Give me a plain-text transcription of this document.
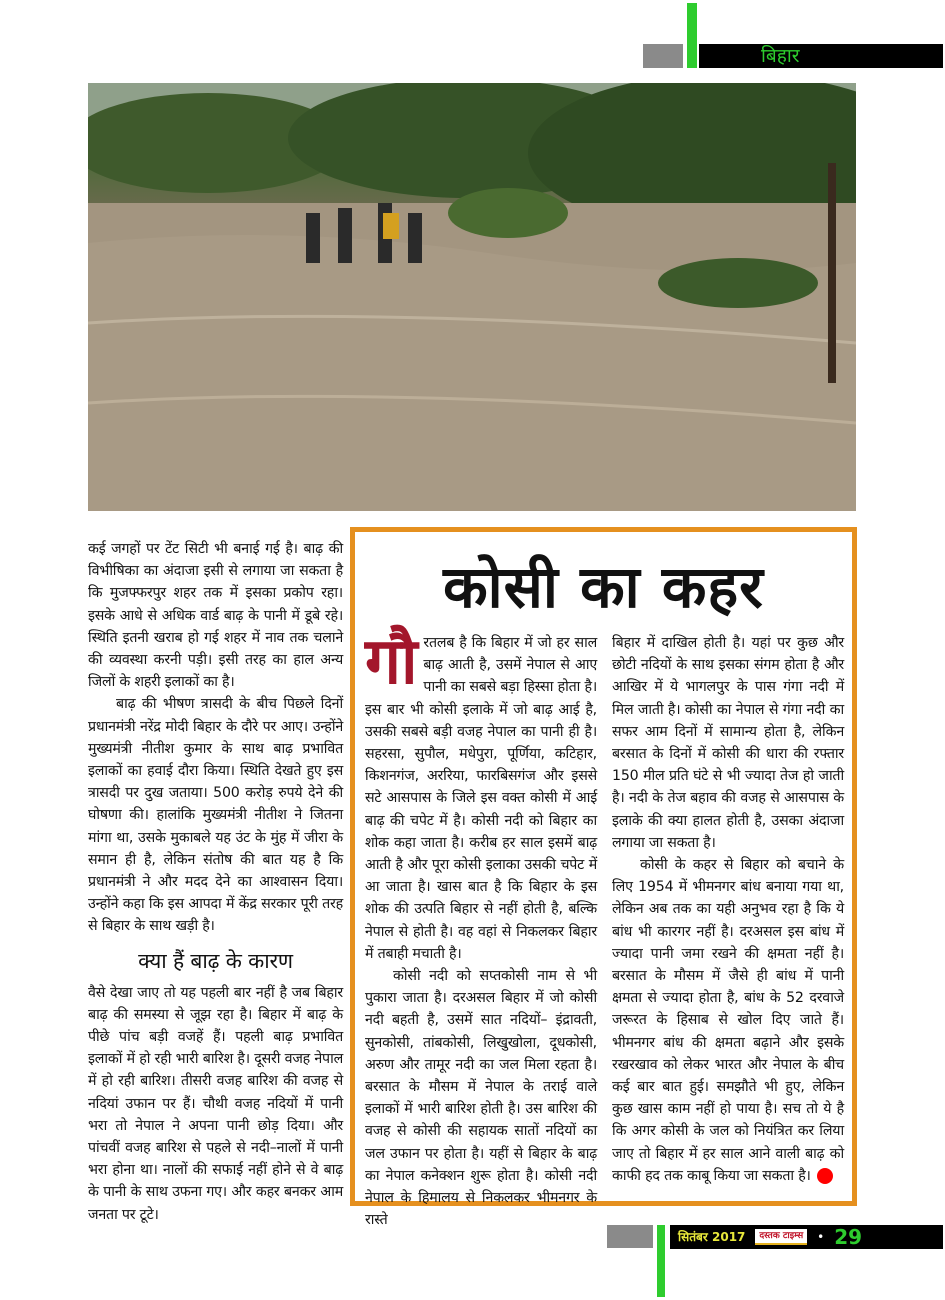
बिहार

कई जगहों पर टेंट सिटी भी बनाई गई है। बाढ़ की विभीषिका का अंदाजा इसी से लगाया जा सकता है कि मुजफ्फरपुर शहर तक में इसका प्रकोप रहा। इसके आधे से अधिक वार्ड बाढ़ के पानी में डूबे रहे। स्थिति इतनी खराब हो गई शहर में नाव तक चलाने की व्यवस्था करनी पड़ी। इसी तरह का हाल अन्य जिलों के शहरी इलाकों का है।

बाढ़ की भीषण त्रासदी के बीच पिछले दिनों प्रधानमंत्री नरेंद्र मोदी बिहार के दौरे पर आए। उन्होंने मुख्यमंत्री नीतीश कुमार के साथ बाढ़ प्रभावित इलाकों का हवाई दौरा किया। स्थिति देखते हुए इस त्रासदी पर दुख जताया। 500 करोड़ रुपये देने की घोषणा की। हालांकि मुख्यमंत्री नीतीश ने जितना मांगा था, उसके मुकाबले यह उंट के मुंह में जीरा के समान ही है, लेकिन संतोष की बात यह है कि प्रधानमंत्री ने और मदद देने का आश्वासन दिया। उन्होंने कहा कि इस आपदा में केंद्र सरकार पूरी तरह से बिहार के साथ खड़ी है।

क्या हैं बाढ़ के कारण

वैसे देखा जाए तो यह पहली बार नहीं है जब बिहार बाढ़ की समस्या से जूझ रहा है। बिहार में बाढ़ के पीछे पांच बड़ी वजहें हैं। पहली बाढ़ प्रभावित इलाकों में हो रही भारी बारिश है। दूसरी वजह नेपाल में हो रही बारिश। तीसरी वजह बारिश की वजह से नदियां उफान पर हैं। चौथी वजह नदियों में पानी भरा तो नेपाल ने अपना पानी छोड़ दिया। और पांचवीं वजह बारिश से पहले से नदी–नालों में पानी भरा होना था। नालों की सफाई नहीं होने से वे बाढ़ के पानी के साथ उफना गए। और कहर बनकर आम जनता पर टूटे।

कोसी का कहर

गौरतलब है कि बिहार में जो हर साल बाढ़ आती है, उसमें नेपाल से आए पानी का सबसे बड़ा हिस्सा होता है। इस बार भी कोसी इलाके में जो बाढ़ आई है, उसकी सबसे बड़ी वजह नेपाल का पानी ही है। सहरसा, सुपौल, मधेपुरा, पूर्णिया, कटिहार, किशनगंज, अररिया, फारबिसगंज और इससे सटे आसपास के जिले इस वक्त कोसी में आई बाढ़ की चपेट में है। कोसी नदी को बिहार का शोक कहा जाता है। करीब हर साल इसमें बाढ़ आती है और पूरा कोसी इलाका उसकी चपेट में आ जाता है। खास बात है कि बिहार के इस शोक की उत्पति बिहार से नहीं होती है, बल्कि नेपाल से होती है। वह वहां से निकलकर बिहार में तबाही मचाती है।

कोसी नदी को सप्तकोसी नाम से भी पुकारा जाता है। दरअसल बिहार में जो कोसी नदी बहती है, उसमें सात नदियों– इंद्रावती, सुनकोसी, तांबकोसी, लिखुखोला, दूधकोसी, अरुण और तामूर नदी का जल मिला रहता है। बरसात के मौसम में नेपाल के तराई वाले इलाकों में भारी बारिश होती है। उस बारिश की वजह से कोसी की सहायक सातों नदियों का जल उफान पर होता है। यहीं से बिहार के बाढ़ का नेपाल कनेक्शन शुरू होता है। कोसी नदी नेपाल के हिमालय से निकलकर भीमनगर के रास्ते

बिहार में दाखिल होती है। यहां पर कुछ और छोटी नदियों के साथ इसका संगम होता है और आखिर में ये भागलपुर के पास गंगा नदी में मिल जाती है। कोसी का नेपाल से गंगा नदी का सफर आम दिनों में सामान्य होता है, लेकिन बरसात के दिनों में कोसी की धारा की रफ्तार 150 मील प्रति घंटे से भी ज्यादा तेज हो जाती है। नदी के तेज बहाव की वजह से आसपास के इलाके की क्या हालत होती है, उसका अंदाजा लगाया जा सकता है।

कोसी के कहर से बिहार को बचाने के लिए 1954 में भीमनगर बांध बनाया गया था, लेकिन अब तक का यही अनुभव रहा है कि ये बांध भी कारगर नहीं है। दरअसल इस बांध में ज्यादा पानी जमा रखने की क्षमता नहीं है। बरसात के मौसम में जैसे ही बांध में पानी क्षमता से ज्यादा होता है, बांध के 52 दरवाजे जरूरत के हिसाब से खोल दिए जाते हैं। भीमनगर बांध की क्षमता बढ़ाने और इसके रखरखाव को लेकर भारत और नेपाल के बीच कई बार बात हुई। समझौते भी हुए, लेकिन कुछ खास काम नहीं हो पाया है। सच तो ये है कि अगर कोसी के जल को नियंत्रित कर लिया जाए तो बिहार में हर साल आने वाली बाढ़ को काफी हद तक काबू किया जा सकता है।

सितंबर 2017	दस्तक टाइम्स	• 29
